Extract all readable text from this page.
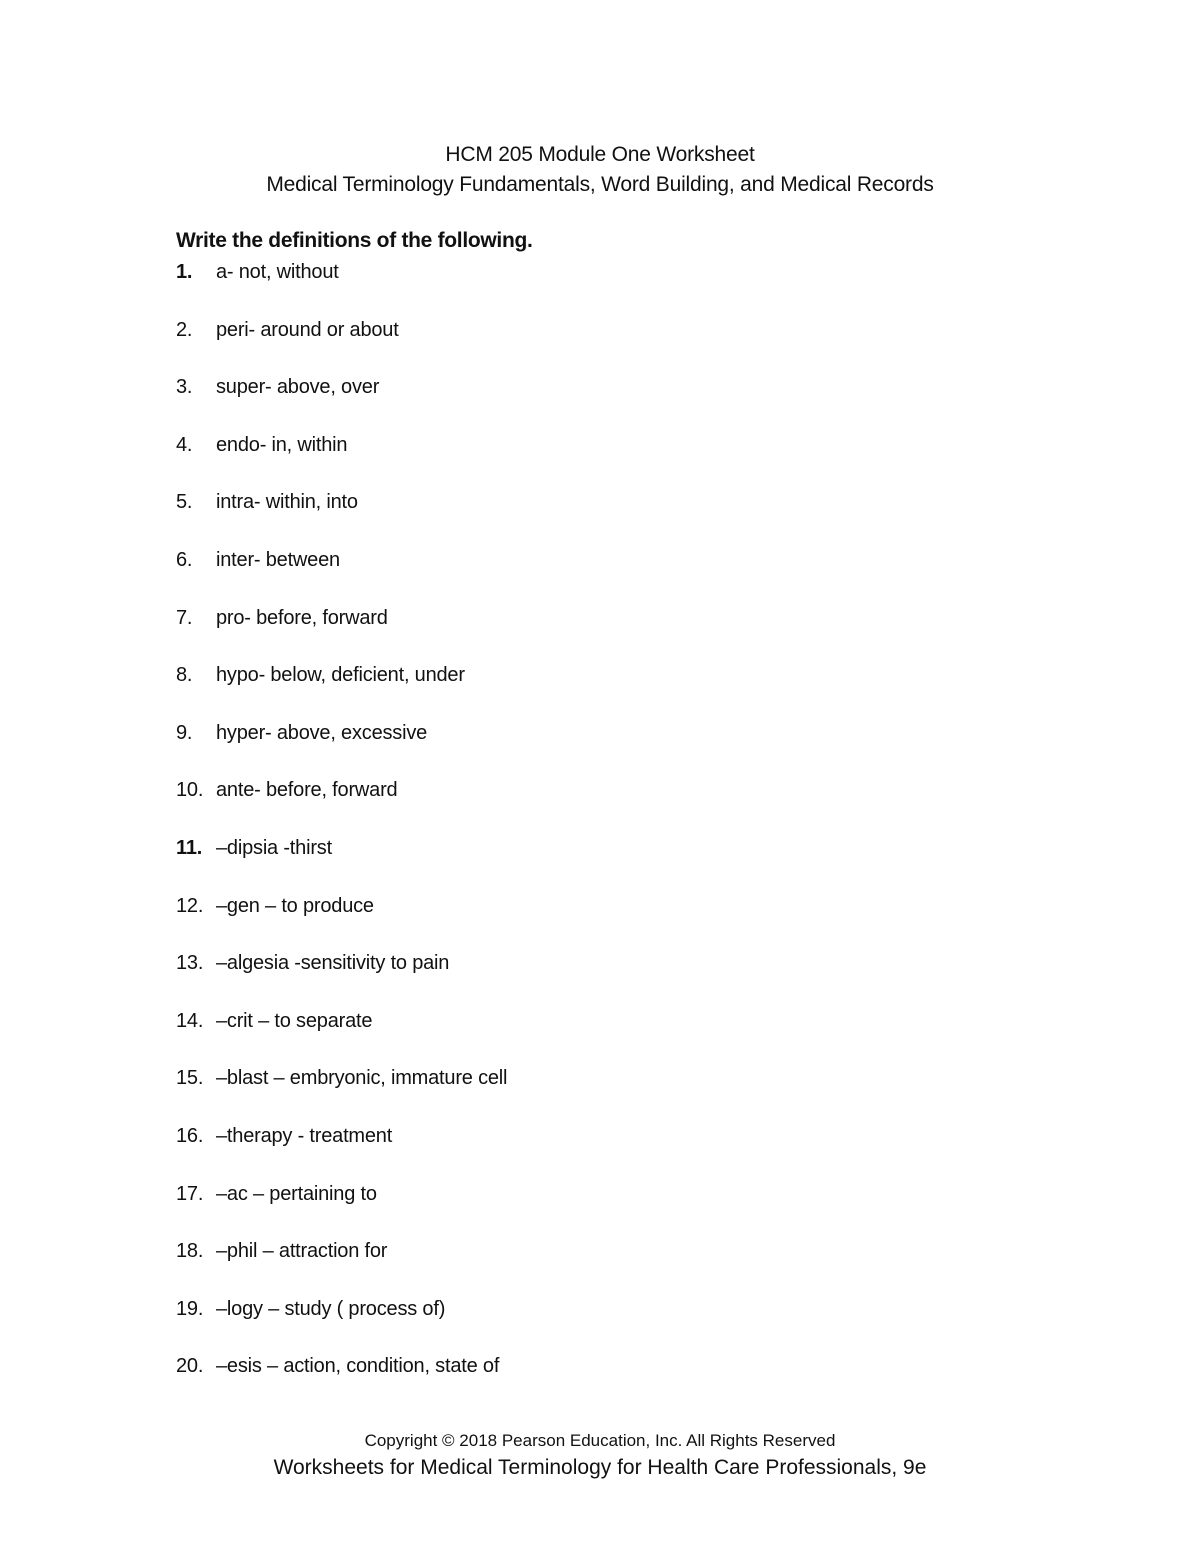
HCM 205 Module One Worksheet
Medical Terminology Fundamentals, Word Building, and Medical Records
Write the definitions of the following.
1.	a- not, without
2.	peri- around or about
3.	super- above, over
4.	endo- in, within
5.	intra- within, into
6.	inter- between
7.	pro- before, forward
8.	hypo- below, deficient, under
9.	hyper- above, excessive
10. ante- before, forward
11. –dipsia -thirst
12. –gen – to produce
13. –algesia -sensitivity to pain
14. –crit – to separate
15. –blast – embryonic, immature cell
16. –therapy - treatment
17. –ac – pertaining to
18. –phil – attraction for
19. –logy – study ( process of)
20. –esis – action, condition, state of
Copyright © 2018 Pearson Education, Inc. All Rights Reserved
Worksheets for Medical Terminology for Health Care Professionals, 9e
